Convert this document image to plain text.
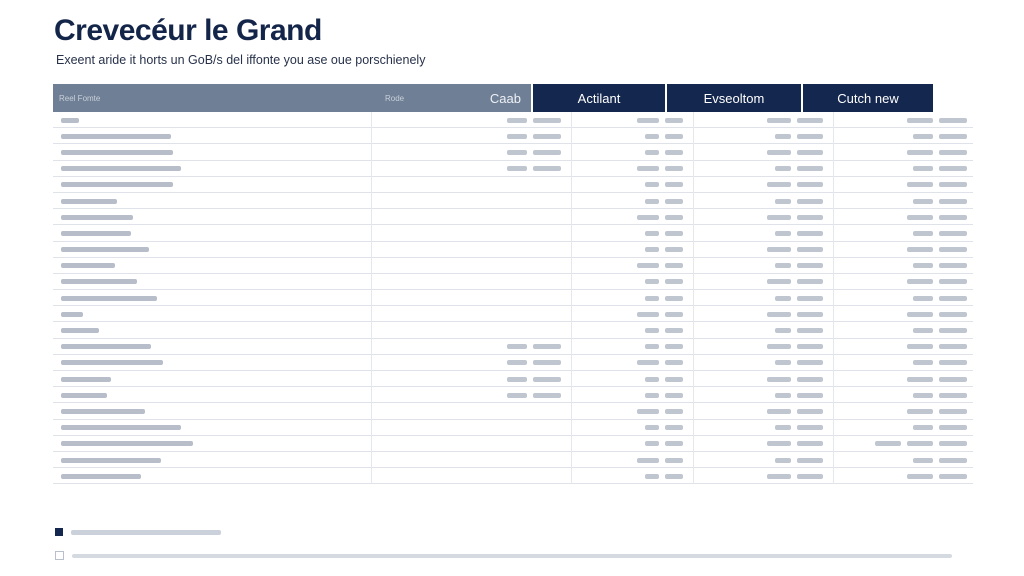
Crevecéur le Grand
Exeent aride it horts un GoB/s del iffonte you ase oue porschienely
Reel Fomte	Rode	Caab	Actilant	Evseoltom	Cutch new
